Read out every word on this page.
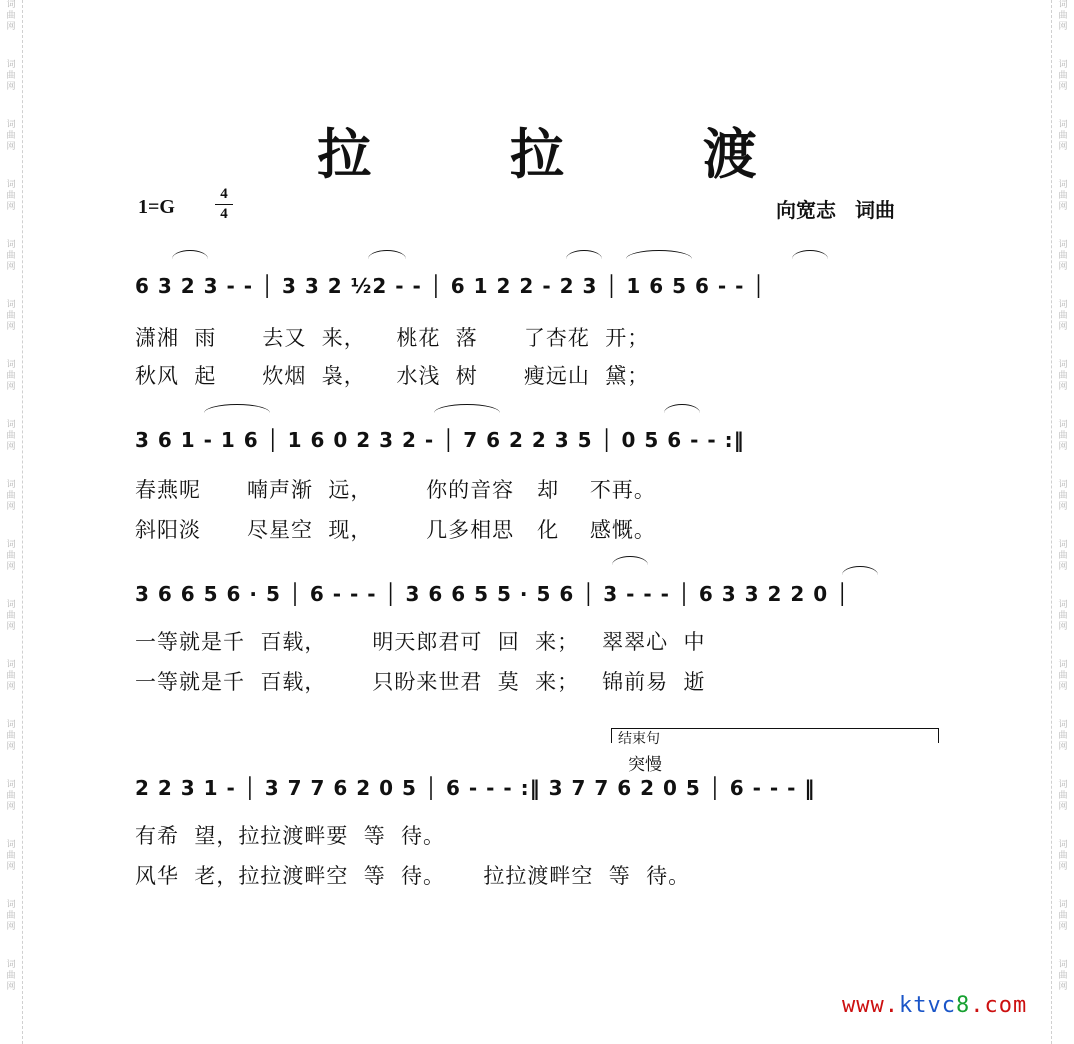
词
曲
网
词
曲
网
词
曲
网
词
曲
网
词
曲
网
词
曲
网
词
曲
网
词
曲
网
词
曲
网
词
曲
网
词
曲
网
词
曲
网
词
曲
网
词
曲
网
词
曲
网
词
曲
网
词
曲
网
词
曲
网
词
曲
网
词
曲
网
词
曲
网
词
曲
网
词
曲
网
词
曲
网
词
曲
网
词
曲
网
词
曲
网
词
曲
网
词
曲
网
词
曲
网
词
曲
网
词
曲
网
词
曲
网
词
曲
网
拉 拉 渡
1=G
4
4	向宽志 词曲
6 3 2 3 - - │ 3 3 2 ½2 - - │ 6 1 2 2 - 2 3 │ 1 6 5 6 - - │
潇湘  雨      去又  来，    桃花  落      了杏花  开；
秋风  起      炊烟  袅，    水浅  树      瘦远山  黛；
3 6 1 - 1 6 │ 1 6 0 2 3 2 - │ 7 6 2 2 3 5 │ 0 5 6 - - :‖
春燕呢      喃声渐  远，       你的音容   却    不再。
斜阳淡      尽星空  现，       几多相思   化    感慨。
3 6 6 5 6 · 5 │ 6 - - - │ 3 6 6 5 5 · 5 6 │ 3 - - - │ 6 3 3 2 2 0 │
一等就是千  百载，      明天郎君可  回  来；   翠翠心  中
一等就是千  百载，      只盼来世君  莫  来；   锦前易  逝
结束句
突慢
2 2 3 1 - │ 3 7 7 6 2 0 5 │ 6 - - - :‖ 3 7 7 6 2 0 5 │ 6 - - - ‖
有希  望，拉拉渡畔要  等  待。
风华  老，拉拉渡畔空  等  待。     拉拉渡畔空  等  待。
www.ktvc8.com
